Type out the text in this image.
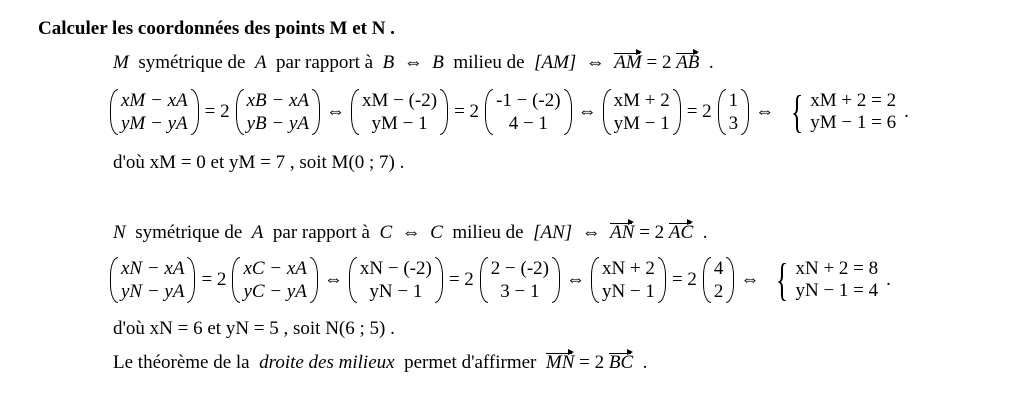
Calculer les coordonnées des points M et N .
M symétrique de A par rapport à B ⇔ B milieu de [AM] ⇔ AM = 2 AB .
xM − xA
yM − yA
= 2
xB − xA
yB − yA
⇔
xM − (-2)
yM − 1
= 2
-1 − (-2)
4 − 1
⇔
xM + 2
yM − 1
= 2
1
3
⇔ { xM + 2 = 2
yM − 1 = 6
.
d'où xM = 0 et yM = 7 , soit M(0 ; 7) .
N symétrique de A par rapport à C ⇔ C milieu de [AN] ⇔ AN = 2 AC .
xN − xA
yN − yA
= 2
xC − xA
yC − yA
⇔
xN − (-2)
yN − 1
= 2
2 − (-2)
3 − 1
⇔
xN + 2
yN − 1
= 2
4
2
⇔ { xN + 2 = 8
yN − 1 = 4
.
d'où xN = 6 et yN = 5 , soit N(6 ; 5) .
Le théorème de la droite des milieux permet d'affirmer MN = 2 BC .
